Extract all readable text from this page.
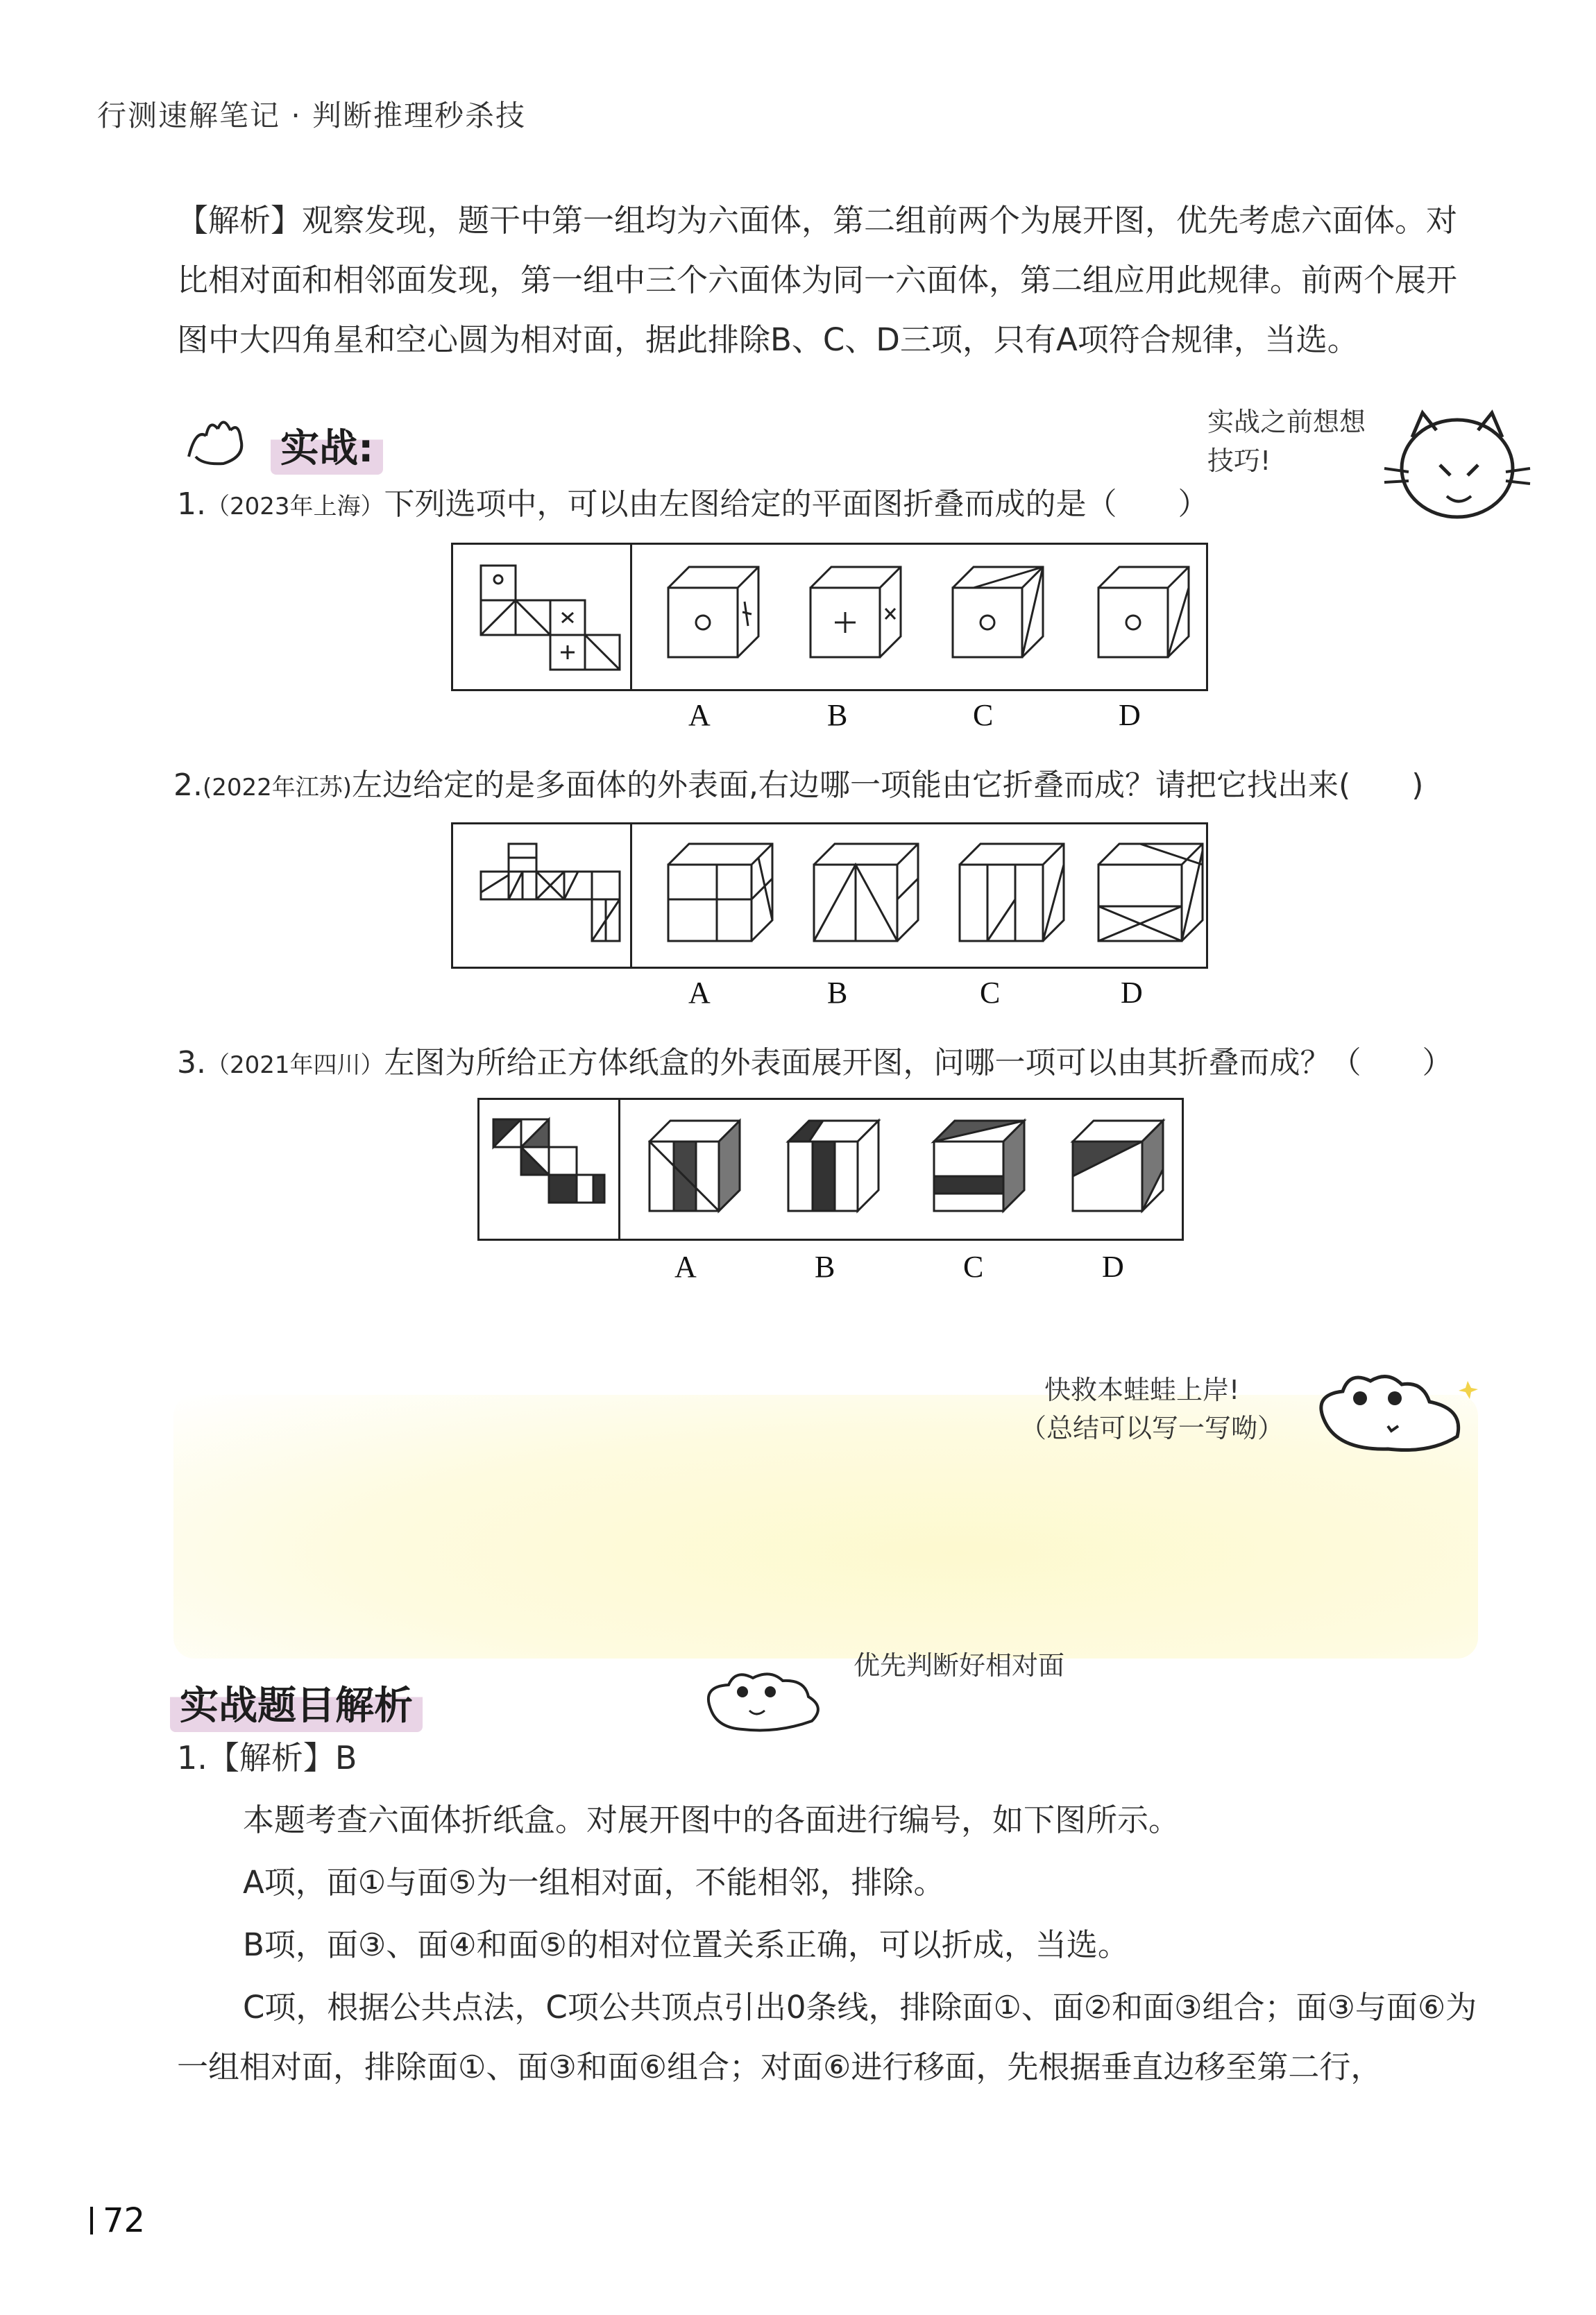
行测速解笔记 · 判断推理秒杀技
【解析】观察发现，题干中第一组均为六面体，第二组前两个为展开图，优先考虑六面体。对比相对面和相邻面发现，第一组中三个六面体为同一六面体，第二组应用此规律。前两个展开图中大四角星和空心圆为相对面，据此排除B、C、D三项，只有A项符合规律，当选。
实战:
实战之前想想
技巧!
1.（2023年上海）下列选项中，可以由左图给定的平面图折叠而成的是（　　）
A	B	C	D
2.(2022年江苏)左边给定的是多面体的外表面,右边哪一项能由它折叠而成？请把它找出来(　　)
A	B	C	D
3.（2021年四川）左图为所给正方体纸盒的外表面展开图，问哪一项可以由其折叠而成？（　　）
A	B	C	D
快救本蛙蛙上岸!
（总结可以写一写呦）
实战题目解析
优先判断好相对面
1.【解析】B
本题考查六面体折纸盒。对展开图中的各面进行编号，如下图所示。
A项，面①与面⑤为一组相对面，不能相邻，排除。
B项，面③、面④和面⑤的相对位置关系正确，可以折成，当选。
C项，根据公共点法，C项公共顶点引出0条线，排除面①、面②和面③组合；面③与面⑥为一组相对面，排除面①、面③和面⑥组合；对面⑥进行移面，先根据垂直边移至第二行，
72
